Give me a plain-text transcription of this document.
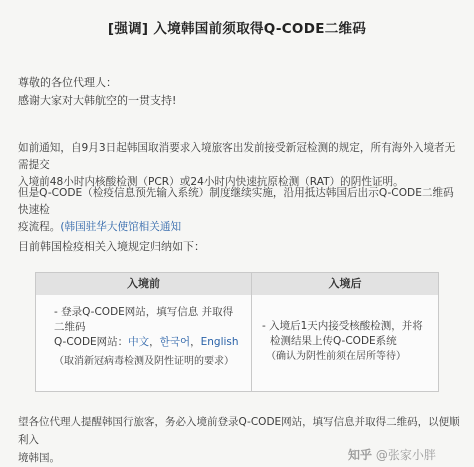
[强调] 入境韩国前须取得Q-CODE二维码
尊敬的各位代理人：
感谢大家对大韩航空的一贯支持!
如前通知，自9月3日起韩国取消要求入境旅客出发前接受新冠检测的规定，所有海外入境者无需提交
入境前48小时内核酸检测（PCR）或24小时内快速抗原检测（RAT）的阴性证明。
但是Q-CODE（检疫信息预先输入系统）制度继续实施，沿用抵达韩国后出示Q-CODE二维码快速检
疫流程。(韩国驻华大使馆相关通知
目前韩国检疫相关入境规定归纳如下：
入境前	入境后
- 登录Q-CODE网站，填写信息 并取得
二维码
Q-CODE网站：中文，한국어，English
（取消新冠病毒检测及阴性证明的要求）
- 入境后1天内接受核酸检测，并将
检测结果上传Q-CODE系统
（确认为阴性前须在居所等待）
望各位代理人提醒韩国行旅客，务必入境前登录Q-CODE网站，填写信息并取得二维码，以便顺利入
境韩国。	知乎 @张家小胖
